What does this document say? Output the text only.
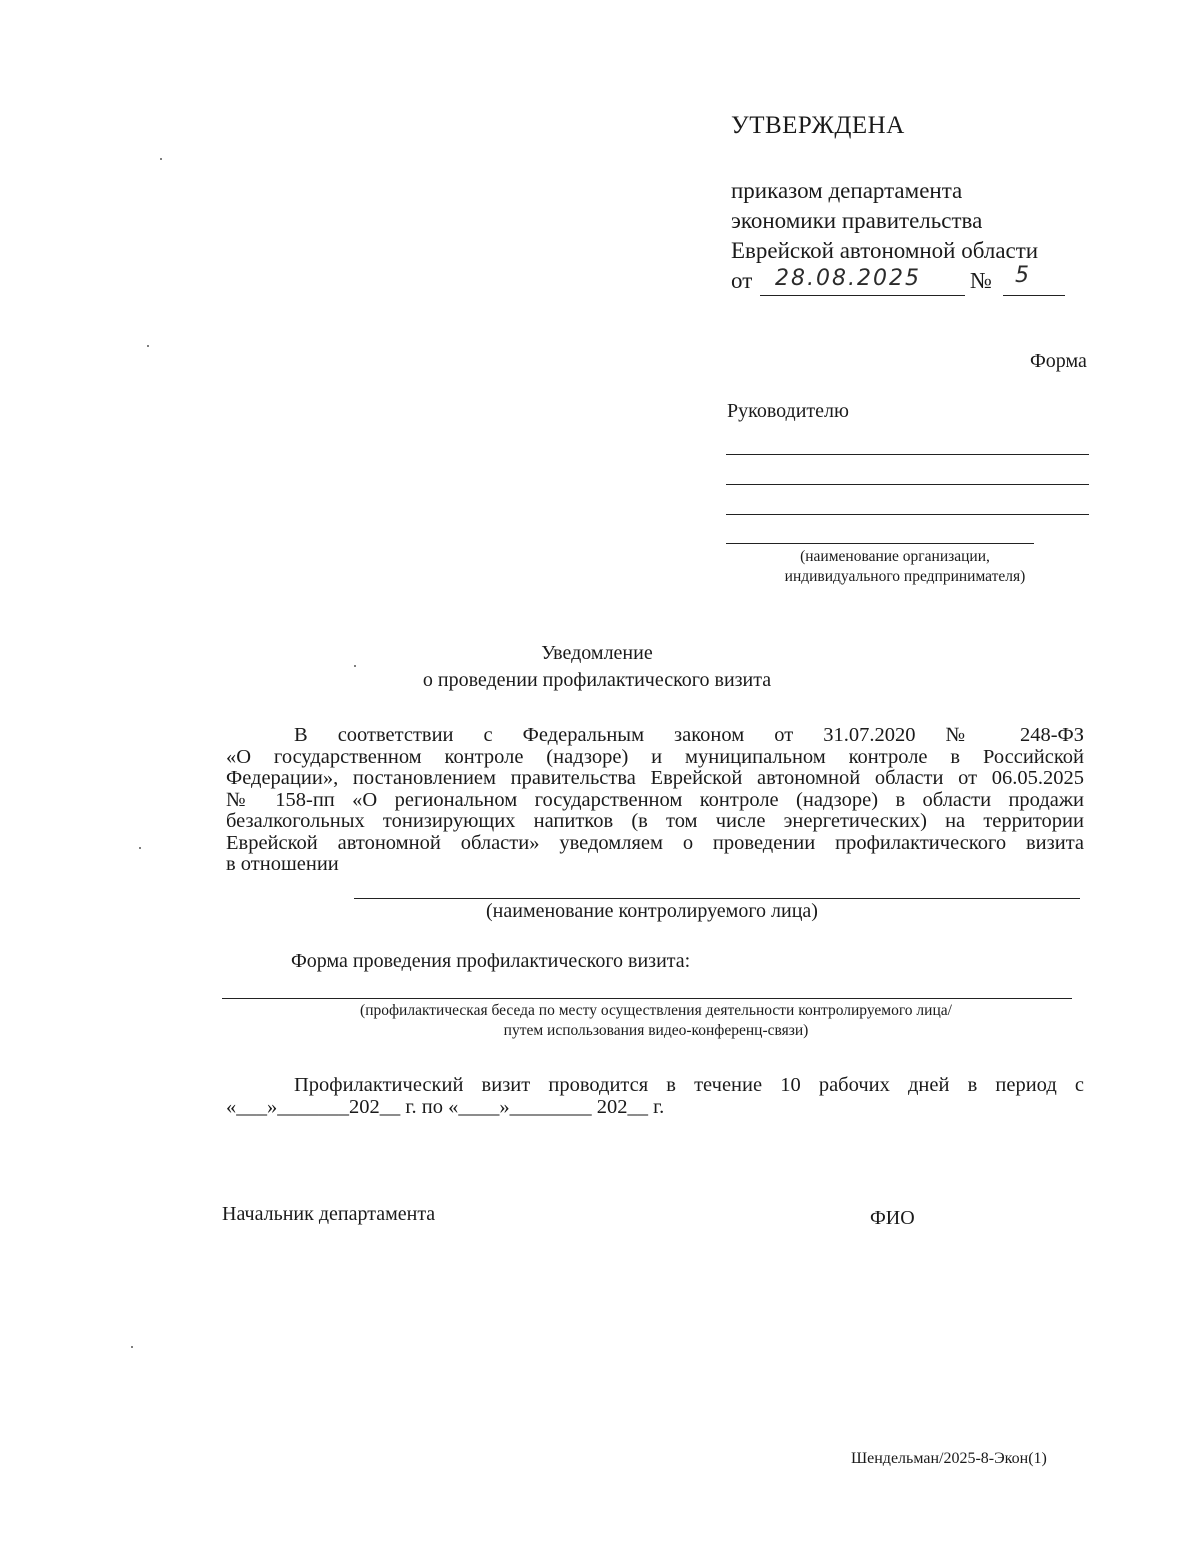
УТВЕРЖДЕНА
приказом департамента
экономики правительства
Еврейской автономной области
от 28.08.2025 № 5
Форма
Руководителю
(наименование организации,
индивидуального предпринимателя)
Уведомление
о проведении профилактического визита

В соответствии с Федеральным законом от 31.07.2020 № 248-ФЗ

«О государственном контроле (надзоре) и муниципальном контроле в Российской

Федерации», постановлением правительства Еврейской автономной области от 06.05.2025

№ 158-пп «О региональном государственном контроле (надзоре) в области продажи

безалкогольных тонизирующих напитков (в том числе энергетических) на территории

Еврейской автономной области» уведомляем о проведении профилактического визита

в отношении

(наименование контролируемого лица)
Форма проведения профилактического визита:
(профилактическая беседа по месту осуществления деятельности контролируемого лица/
путем использования видео-конференц-связи)

Профилактический визит проводится в течение 10 рабочих дней в период с

«___»_______202__ г. по «____»________ 202__ г.

Начальник департамента	ФИО
Шендельман/2025-8-Экон(1)
